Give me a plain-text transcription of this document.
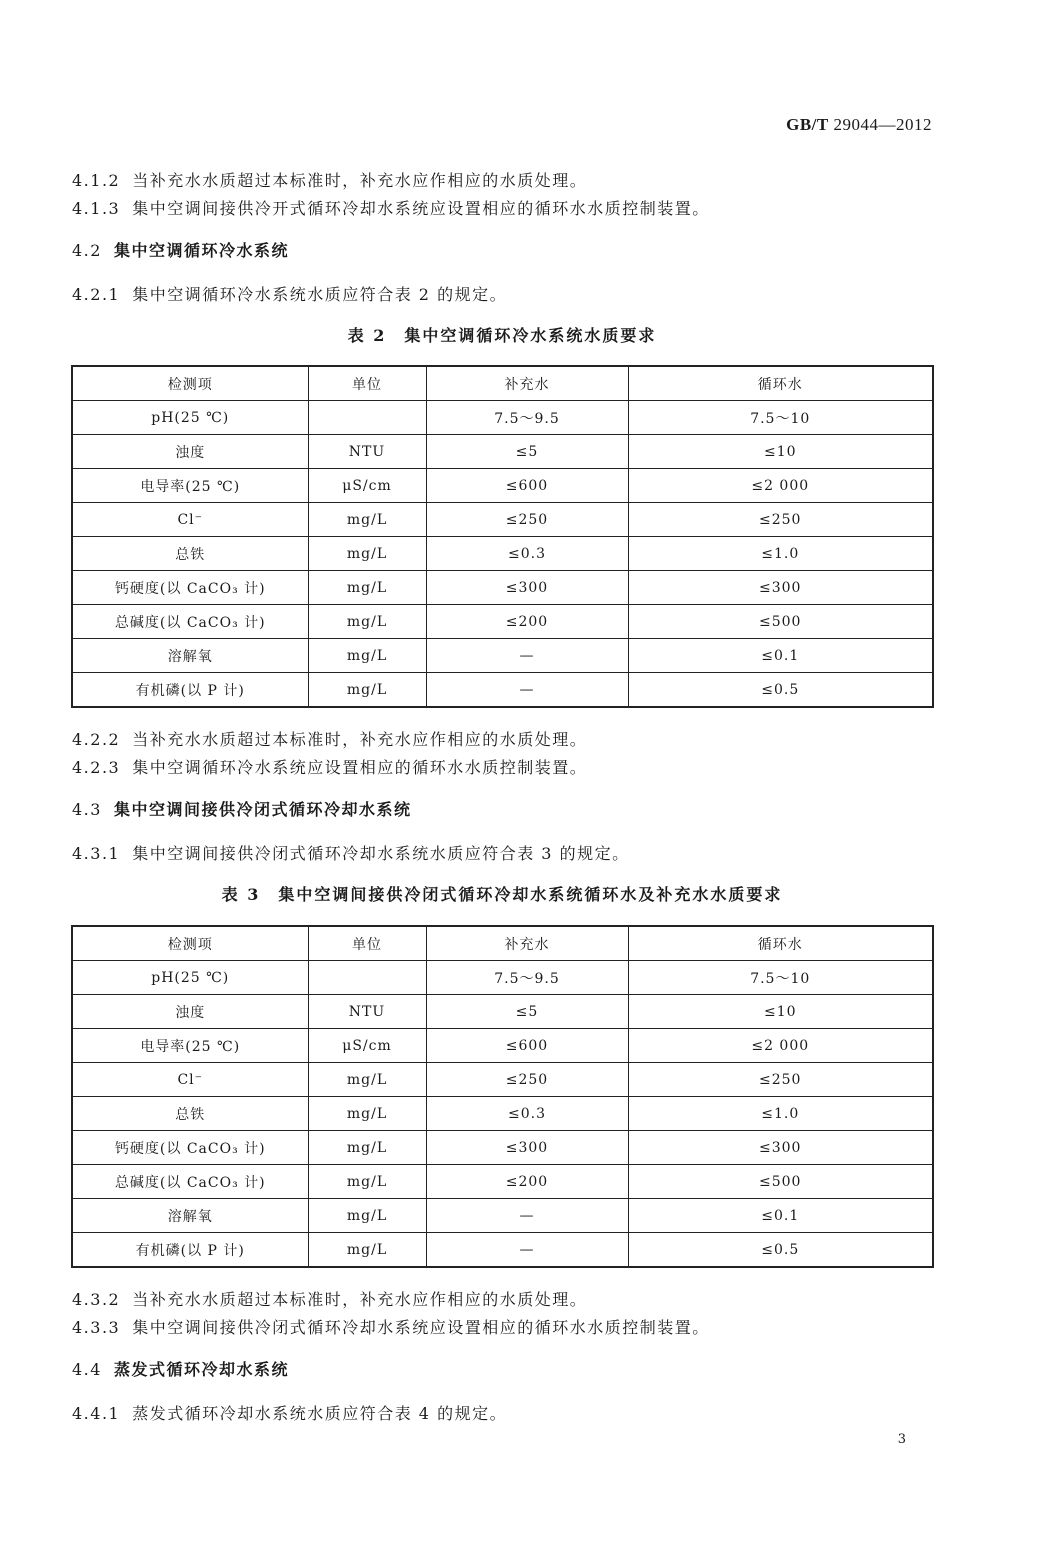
GB/T 29044—2012
4.1.2 当补充水水质超过本标准时，补充水应作相应的水质处理。
4.1.3 集中空调间接供冷开式循环冷却水系统应设置相应的循环水水质控制装置。
4.2 集中空调循环冷水系统
4.2.1 集中空调循环冷水系统水质应符合表 2 的规定。
表 2　集中空调循环冷水系统水质要求
检测项	单位	补充水	循环水
pH(25 ℃)		7.5～9.5	7.5～10
浊度	NTU	≤5	≤10
电导率(25 ℃)	μS/cm	≤600	≤2 000
Cl⁻	mg/L	≤250	≤250
总铁	mg/L	≤0.3	≤1.0
钙硬度(以 CaCO₃ 计)	mg/L	≤300	≤300
总碱度(以 CaCO₃ 计)	mg/L	≤200	≤500
溶解氧	mg/L	—	≤0.1
有机磷(以 P 计)	mg/L	—	≤0.5
4.2.2 当补充水水质超过本标准时，补充水应作相应的水质处理。
4.2.3 集中空调循环冷水系统应设置相应的循环水水质控制装置。
4.3 集中空调间接供冷闭式循环冷却水系统
4.3.1 集中空调间接供冷闭式循环冷却水系统水质应符合表 3 的规定。
表 3　集中空调间接供冷闭式循环冷却水系统循环水及补充水水质要求
检测项	单位	补充水	循环水
pH(25 ℃)		7.5～9.5	7.5～10
浊度	NTU	≤5	≤10
电导率(25 ℃)	μS/cm	≤600	≤2 000
Cl⁻	mg/L	≤250	≤250
总铁	mg/L	≤0.3	≤1.0
钙硬度(以 CaCO₃ 计)	mg/L	≤300	≤300
总碱度(以 CaCO₃ 计)	mg/L	≤200	≤500
溶解氧	mg/L	—	≤0.1
有机磷(以 P 计)	mg/L	—	≤0.5
4.3.2 当补充水水质超过本标准时，补充水应作相应的水质处理。
4.3.3 集中空调间接供冷闭式循环冷却水系统应设置相应的循环水水质控制装置。
4.4 蒸发式循环冷却水系统
4.4.1 蒸发式循环冷却水系统水质应符合表 4 的规定。
3
